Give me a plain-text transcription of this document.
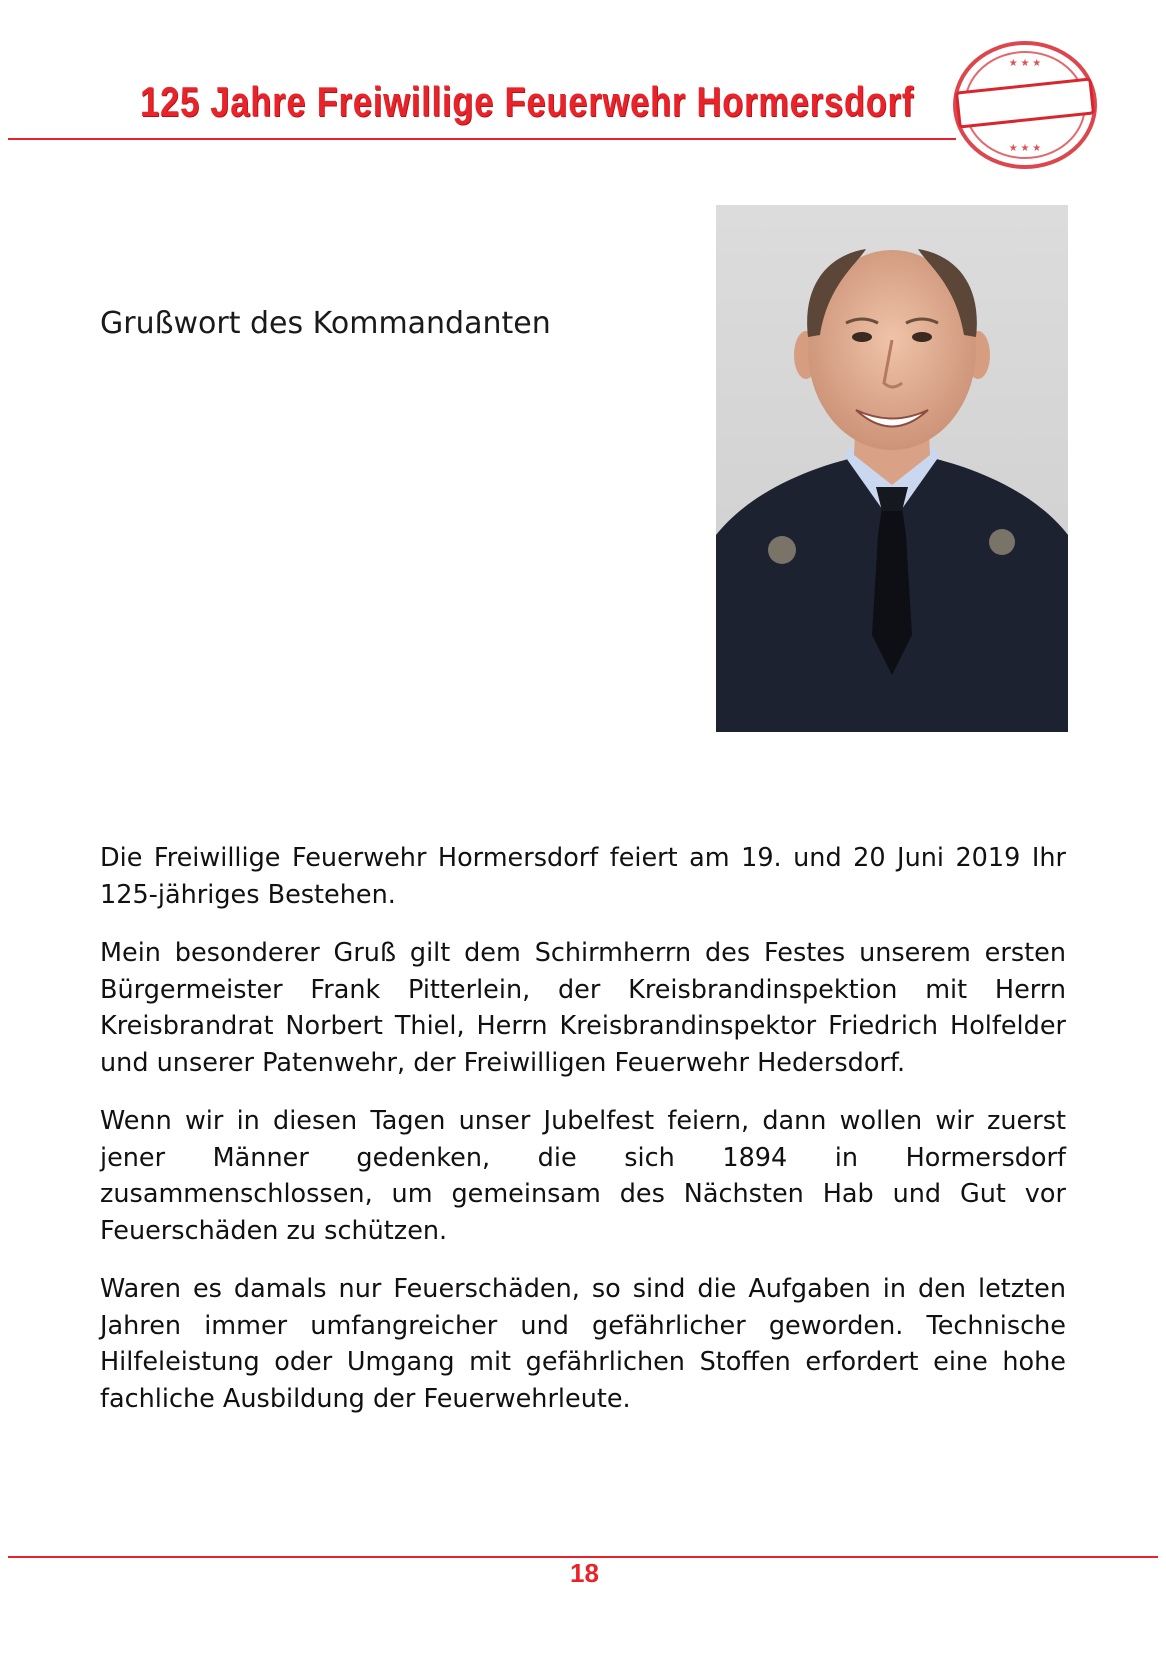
125 Jahre Freiwillige Feuerwehr Hormersdorf
★ ★ ★
★ ★ ★
Grußwort des Kommandanten

Die Freiwillige Feuerwehr Hormersdorf feiert am 19. und 20 Juni 2019 Ihr 125-jähriges Bestehen.

Mein besonderer Gruß gilt dem Schirmherrn des Festes unserem ersten Bürgermeister Frank Pitterlein, der Kreisbrandinspektion mit Herrn Kreisbrandrat Norbert Thiel, Herrn Kreisbrandinspektor Friedrich Holfelder und unserer Patenwehr, der Freiwilligen Feuerwehr Hedersdorf.

Wenn wir in diesen Tagen unser Jubelfest feiern, dann wollen wir zuerst jener Männer gedenken, die sich 1894 in Hormersdorf zusammenschlossen, um gemeinsam des Nächsten Hab und Gut vor Feuerschäden zu schützen.

Waren es damals nur Feuerschäden, so sind die Aufgaben in den letzten Jahren immer umfangreicher und gefährlicher geworden. Technische Hilfeleistung oder Umgang mit gefährlichen Stoffen erfordert eine hohe fachliche Ausbildung der Feuerwehrleute.

18
